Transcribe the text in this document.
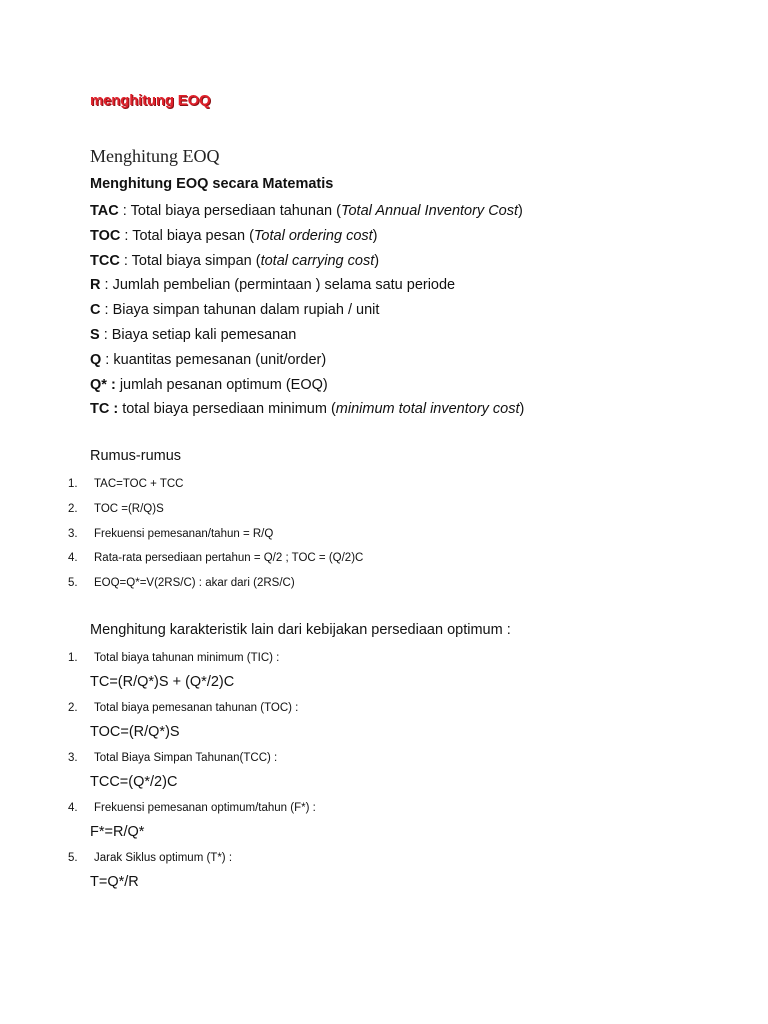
menghitung EOQ
Menghitung EOQ
Menghitung EOQ secara Matematis
TAC : Total biaya persediaan tahunan (Total Annual Inventory Cost)
TOC : Total biaya pesan (Total ordering cost)
TCC : Total biaya simpan (total carrying cost)
R : Jumlah pembelian (permintaan ) selama satu periode
C : Biaya simpan tahunan dalam rupiah / unit
S : Biaya setiap kali pemesanan
Q : kuantitas pemesanan (unit/order)
Q* : jumlah pesanan optimum (EOQ)
TC : total biaya persediaan minimum (minimum total inventory cost)
Rumus-rumus
1. TAC=TOC + TCC
2. TOC =(R/Q)S
3. Frekuensi pemesanan/tahun = R/Q
4. Rata-rata persediaan pertahun = Q/2 ; TOC = (Q/2)C
5. EOQ=Q*=V(2RS/C) : akar dari (2RS/C)
Menghitung karakteristik lain dari kebijakan persediaan optimum :
1. Total biaya tahunan minimum (TIC) :
TC=(R/Q*)S + (Q*/2)C
2. Total biaya pemesanan tahunan (TOC) :
TOC=(R/Q*)S
3. Total Biaya Simpan Tahunan(TCC) :
TCC=(Q*/2)C
4. Frekuensi pemesanan optimum/tahun (F*) :
F*=R/Q*
5. Jarak Siklus optimum (T*) :
T=Q*/R
